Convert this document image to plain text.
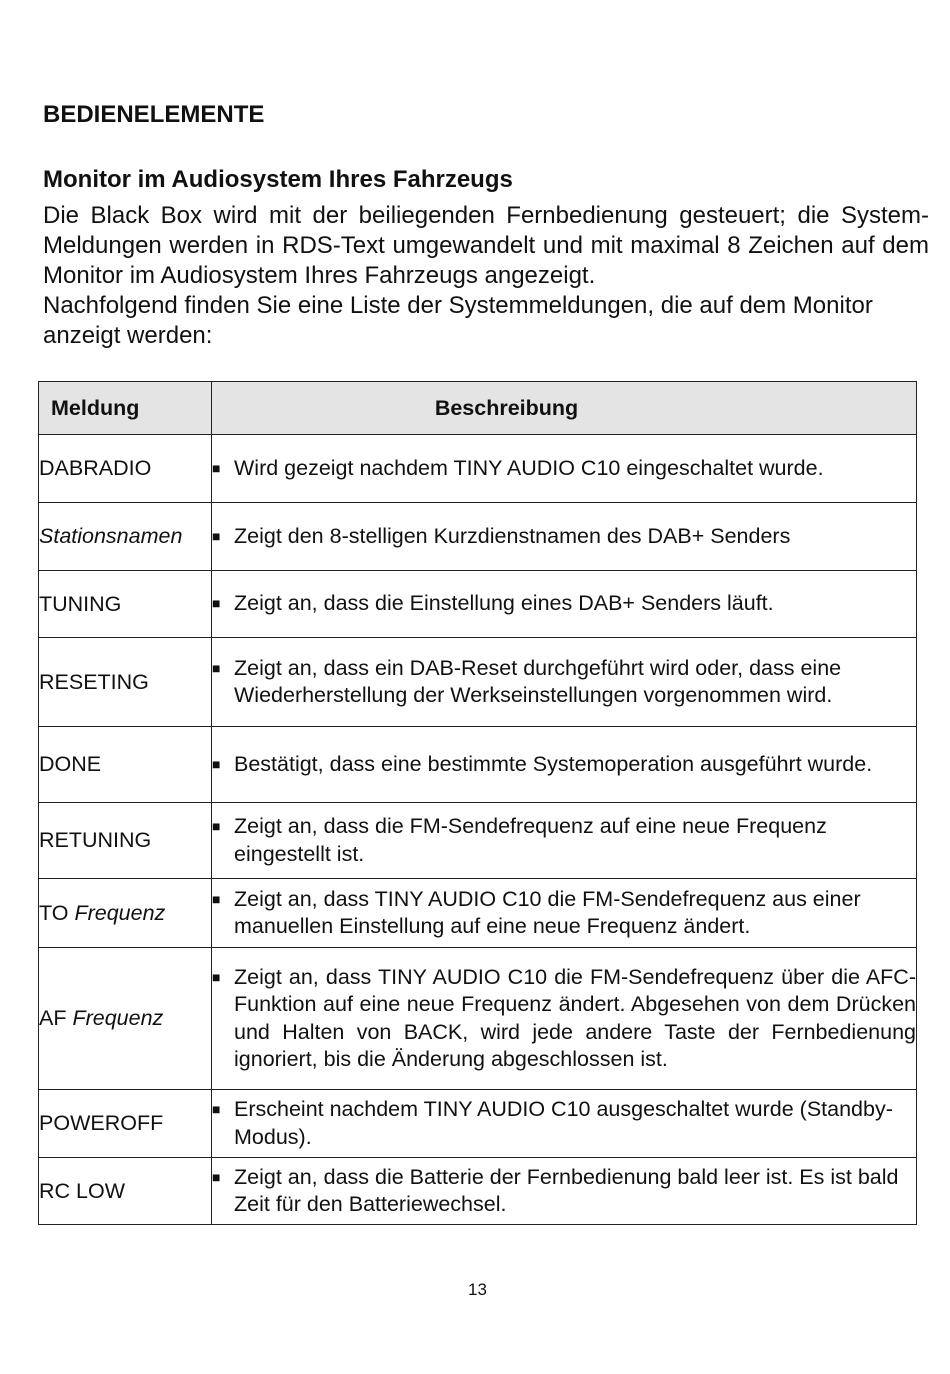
BEDIENELEMENTE
Monitor im Audiosystem Ihres Fahrzeugs

Die Black Box wird mit der beiliegenden Fernbedienung gesteuert; die System-Meldungen werden in RDS-Text umgewandelt und mit maximal 8 Zeichen auf dem Monitor im Audiosystem Ihres Fahrzeugs angezeigt.

Nachfolgend finden Sie eine Liste der Systemmeldungen, die auf dem Monitor anzeigt werden:

Meldung	Beschreibung

DABRADIO	■ Wird gezeigt nachdem TINY AUDIO C10 eingeschaltet wurde.

Stationsnamen	■ Zeigt den 8-stelligen Kurzdienstnamen des DAB+ Senders

TUNING	■ Zeigt an, dass die Einstellung eines DAB+ Senders läuft.

RESETING	■ Zeigt an, dass ein DAB-Reset durchgeführt wird oder, dass eine Wiederherstellung der Werkseinstellungen vorgenommen wird.

DONE	■ Bestätigt, dass eine bestimmte Systemoperation ausgeführt wurde.

RETUNING	■ Zeigt an, dass die FM-Sendefrequenz auf eine neue Frequenz eingestellt ist.

TO Frequenz	■ Zeigt an, dass TINY AUDIO C10 die FM-Sendefrequenz aus einer manuellen Einstellung auf eine neue Frequenz ändert.

AF Frequenz	■ Zeigt an, dass TINY AUDIO C10 die FM-Sendefrequenz über die AFC-Funktion auf eine neue Frequenz ändert. Abgesehen von dem Drücken und Halten von BACK, wird jede andere Taste der Fernbedienung ignoriert, bis die Änderung abgeschlossen ist.

POWEROFF	■ Erscheint nachdem TINY AUDIO C10 ausgeschaltet wurde (Standby-Modus).

RC LOW	■ Zeigt an, dass die Batterie der Fernbedienung bald leer ist. Es ist bald Zeit für den Batteriewechsel.
13
